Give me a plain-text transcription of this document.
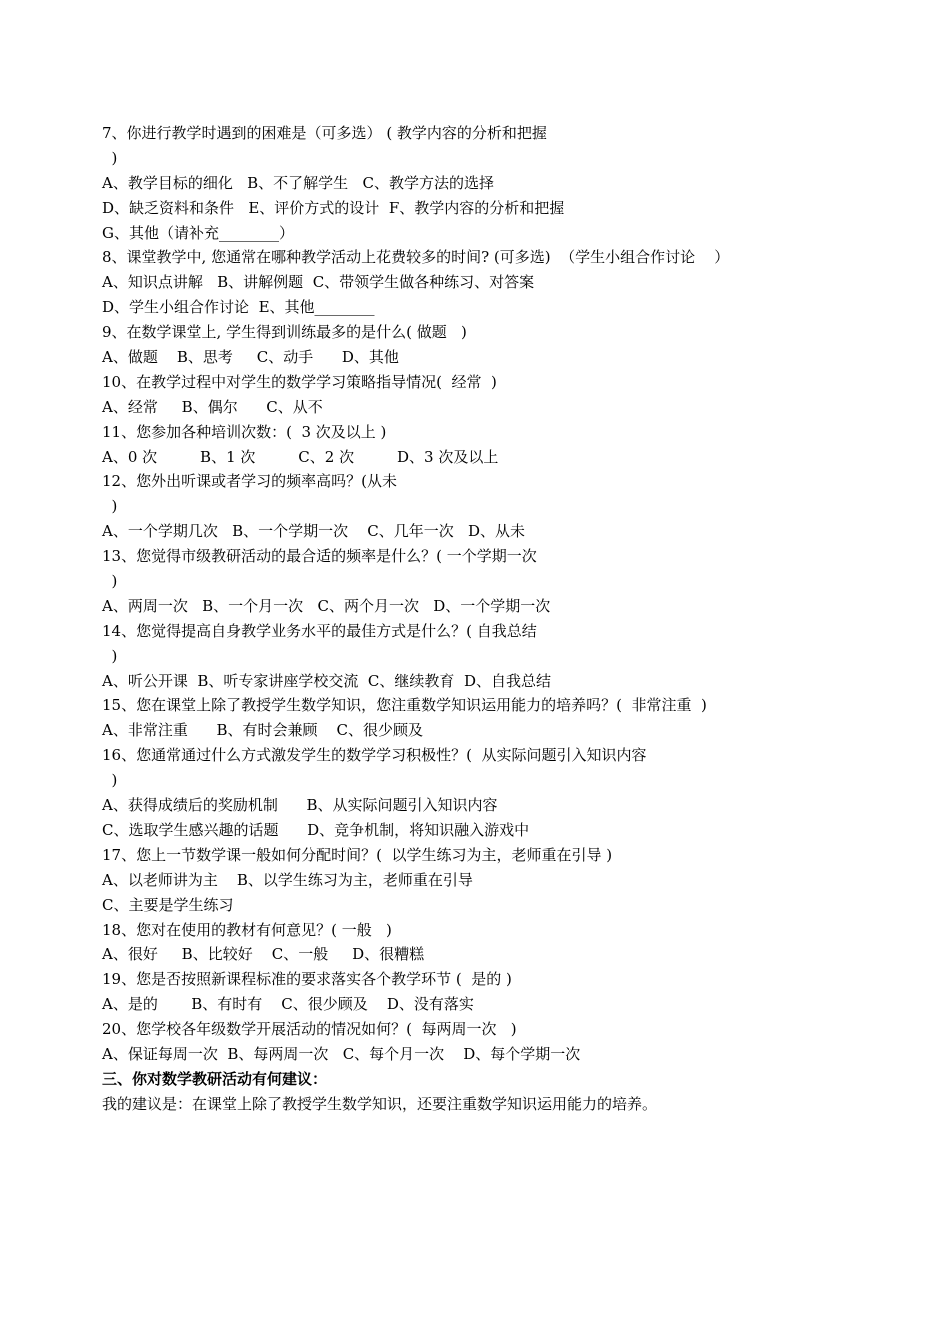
7、你进行教学时遇到的困难是（可多选） ( 教学内容的分析和把握
)
A、教学目标的细化   B、不了解学生   C、教学方法的选择
D、缺乏资料和条件   E、评价方式的设计  F、教学内容的分析和把握
G、其他（请补充________）
8、课堂教学中, 您通常在哪种教学活动上花费较多的时间? (可多选)  （学生小组合作讨论    ）
A、知识点讲解   B、讲解例题  C、带领学生做各种练习、对答案
D、学生小组合作讨论  E、其他________
9、在数学课堂上, 学生得到训练最多的是什么( 做题   )
A、做题    B、思考     C、动手      D、其他
10、在教学过程中对学生的数学学习策略指导情况(  经常  )
A、经常     B、偶尔      C、从不
11、您参加各种培训次数：(  3 次及以上 )
A、0 次         B、1 次         C、2 次         D、3 次及以上
12、您外出听课或者学习的频率高吗？(从未
)
A、一个学期几次   B、一个学期一次    C、几年一次   D、从未
13、您觉得市级教研活动的最合适的频率是什么？( 一个学期一次
)
A、两周一次   B、一个月一次   C、两个月一次   D、一个学期一次
14、您觉得提高自身教学业务水平的最佳方式是什么？( 自我总结
)
A、听公开课  B、听专家讲座学校交流  C、继续教育  D、自我总结
15、您在课堂上除了教授学生数学知识，您注重数学知识运用能力的培养吗？(  非常注重  )
A、非常注重      B、有时会兼顾    C、很少顾及
16、您通常通过什么方式激发学生的数学学习积极性？(  从实际问题引入知识内容
)
A、获得成绩后的奖励机制      B、从实际问题引入知识内容
C、选取学生感兴趣的话题      D、竞争机制，将知识融入游戏中
17、您上一节数学课一般如何分配时间？(  以学生练习为主，老师重在引导 )
A、以老师讲为主    B、以学生练习为主，老师重在引导
C、主要是学生练习
18、您对在使用的教材有何意见？( 一般   )
A、很好     B、比较好    C、一般     D、很糟糕
19、您是否按照新课程标准的要求落实各个教学环节 (  是的 )
A、是的       B、有时有    C、很少顾及    D、没有落实
20、您学校各年级数学开展活动的情况如何？(  每两周一次   )
A、保证每周一次  B、每两周一次   C、每个月一次    D、每个学期一次
三、你对数学教研活动有何建议：
我的建议是：在课堂上除了教授学生数学知识，还要注重数学知识运用能力的培养。
